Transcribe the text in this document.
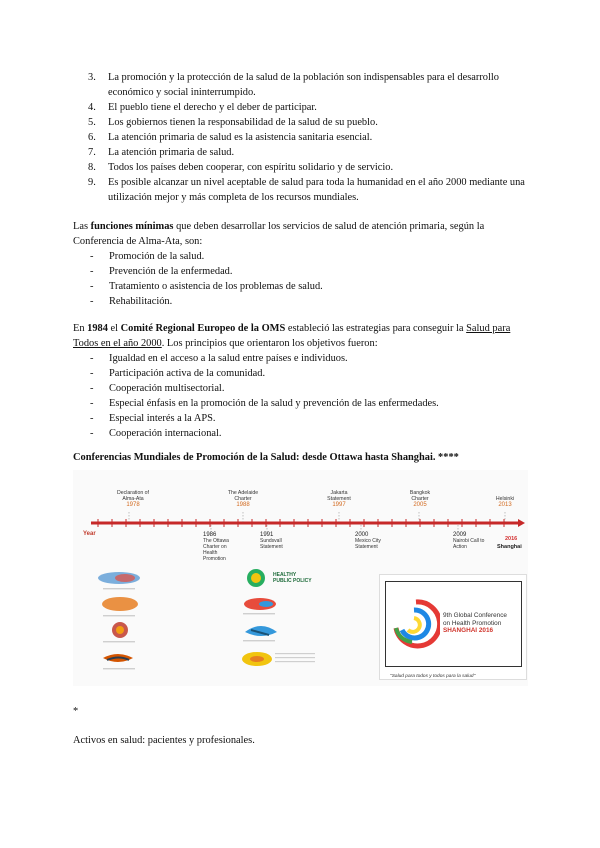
3. La promoción y la protección de la salud de la población son indispensables para el desarrollo económico y social ininterrumpido.
4. El pueblo tiene el derecho y el deber de participar.
5. Los gobiernos tienen la responsabilidad de la salud de su pueblo.
6. La atención primaria de salud es la asistencia sanitaria esencial.
7. La atención primaria de salud.
8. Todos los países deben cooperar, con espíritu solidario y de servicio.
9. Es posible alcanzar un nivel aceptable de salud para toda la humanidad en el año 2000 mediante una utilización mejor y más completa de los recursos mundiales.

Las funciones mínimas que deben desarrollar los servicios de salud de atención primaria, según la Conferencia de Alma-Ata, son:

- Promoción de la salud.
- Prevención de la enfermedad.
- Tratamiento o asistencia de los problemas de salud.
- Rehabilitación.

En 1984 el Comité Regional Europeo de la OMS estableció las estrategias para conseguir la Salud para Todos en el año 2000. Los principios que orientaron los objetivos fueron:

- Igualdad en el acceso a la salud entre países e individuos.
- Participación activa de la comunidad.
- Cooperación multisectorial.
- Especial énfasis en la promoción de la salud y prevención de las enfermedades.
- Especial interés a la APS.
- Cooperación internacional.

Conferencias Mundiales de Promoción de la Salud: desde Ottawa hasta Shanghai. ****

Year
Declaration of Alma-Ata
1978
The Adelaide Charter
1988
Jakarta Statement
1997
Bangkok Charter
2005
Helsinki
2013
1986
The Ottawa Charter on Health Promotion
1991
Sundsvall Statement
2000
Mexico City Statement
2009
Nairobi Call to Action
2016
Shanghai
HEALTHY PUBLIC POLICY
9th Global Conference on Health Promotion
SHANGHAI 2016
"Salud para todos y todos para la salud"

*

Activos en salud: pacientes y profesionales.
